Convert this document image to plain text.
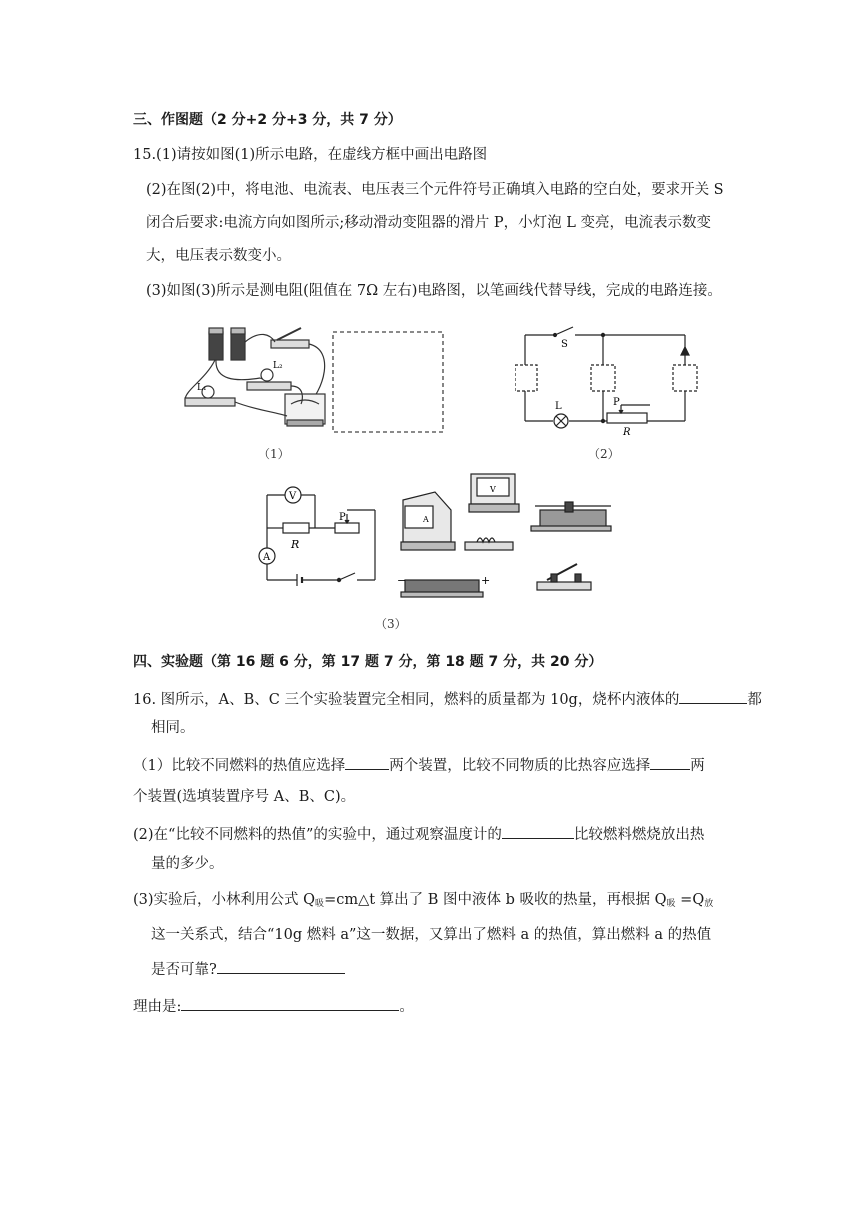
三、作图题（2 分+2 分+3 分，共 7 分）
15.(1)请按如图(1)所示电路，在虚线方框中画出电路图
(2)在图(2)中，将电池、电流表、电压表三个元件符号正确填入电路的空白处，要求开关 S
闭合后要求:电流方向如图所示;移动滑动变阻器的滑片 P，小灯泡 L 变亮，电流表示数变
大，电压表示数变小。
(3)如图(3)所示是测电阻(阻值在 7Ω 左右)电路图，以笔画线代替导线，完成的电路连接。
L₁
L₂
（1）
S
L	P
R
（2）
V
A
P
R
A
V
−	+
（3）
四、实验题（第 16 题 6 分，第 17 题 7 分，第 18 题 7 分，共 20 分）
16. 图所示，A、B、C 三个实验装置完全相同，燃料的质量都为 10g，烧杯内液体的	都
相同。
（1）比较不同燃料的热值应选择	两个装置，比较不同物质的比热容应选择	两
个装置(选填装置序号 A、B、C)。
(2)在“比较不同燃料的热值”的实验中，通过观察温度计的	比较燃料燃烧放出热
量的多少。
(3)实验后，小林利用公式 $Q_吸=cm\triangle t$ 算出了 B 图中液体 b 吸收的热量，再根据 $Q_吸 =Q_放$
这一关系式，结合“10g 燃料 a”这一数据，又算出了燃料 a 的热值，算出燃料 a 的热值
是否可靠?
理由是:	。
